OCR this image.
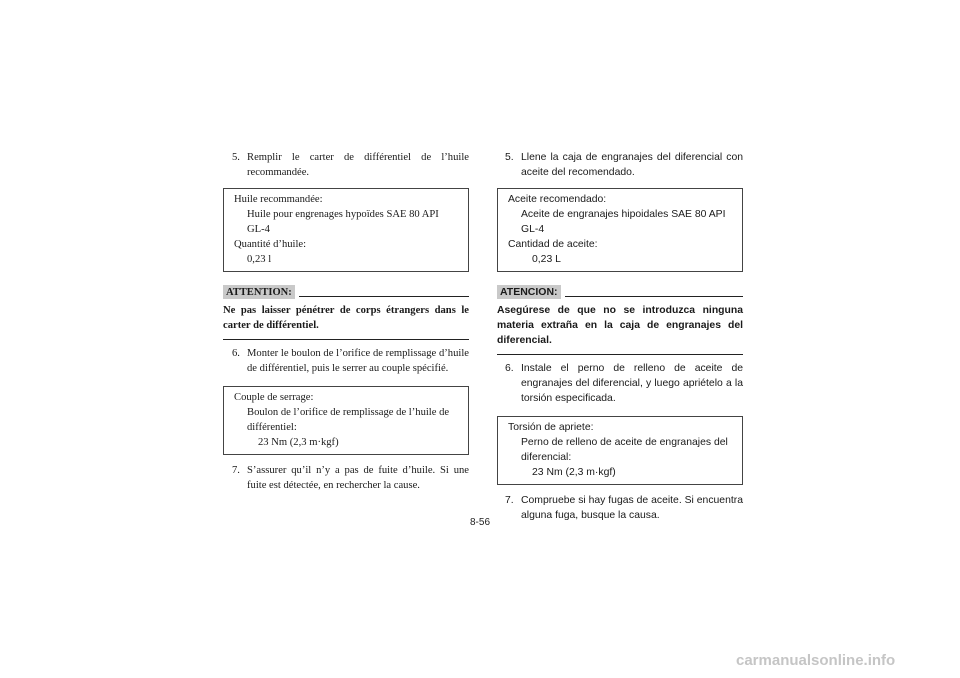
5. Remplir le carter de différentiel de l’huile recommandée.
Huile recommandée:
Huile pour engrenages hypoïdes SAE 80 API
GL-4
Quantité d’huile:
0,23 l
ATTENTION:
Ne pas laisser pénétrer de corps étrangers dans le carter de différentiel.
6. Monter le boulon de l’orifice de remplissage d’huile de différentiel, puis le serrer au couple spécifié.
Couple de serrage:
Boulon de l’orifice de remplissage de l’huile de différentiel:
23 Nm (2,3 m·kgf)
7. S’assurer qu’il n’y a pas de fuite d’huile. Si une fuite est détectée, en rechercher la cause.
5. Llene la caja de engranajes del diferencial con aceite del recomendado.
Aceite recomendado:
Aceite de engranajes hipoidales SAE 80 API
GL-4
Cantidad de aceite:
0,23 L
ATENCION:
Asegúrese de que no se introduzca ninguna materia extraña en la caja de engranajes del diferencial.
6. Instale el perno de relleno de aceite de engranajes del diferencial, y luego apriételo a la torsión especificada.
Torsión de apriete:
Perno de relleno de aceite de engranajes del diferencial:
23 Nm (2,3 m·kgf)
7. Compruebe si hay fugas de aceite. Si encuentra alguna fuga, busque la causa.
8-56
carmanualsonline.info
